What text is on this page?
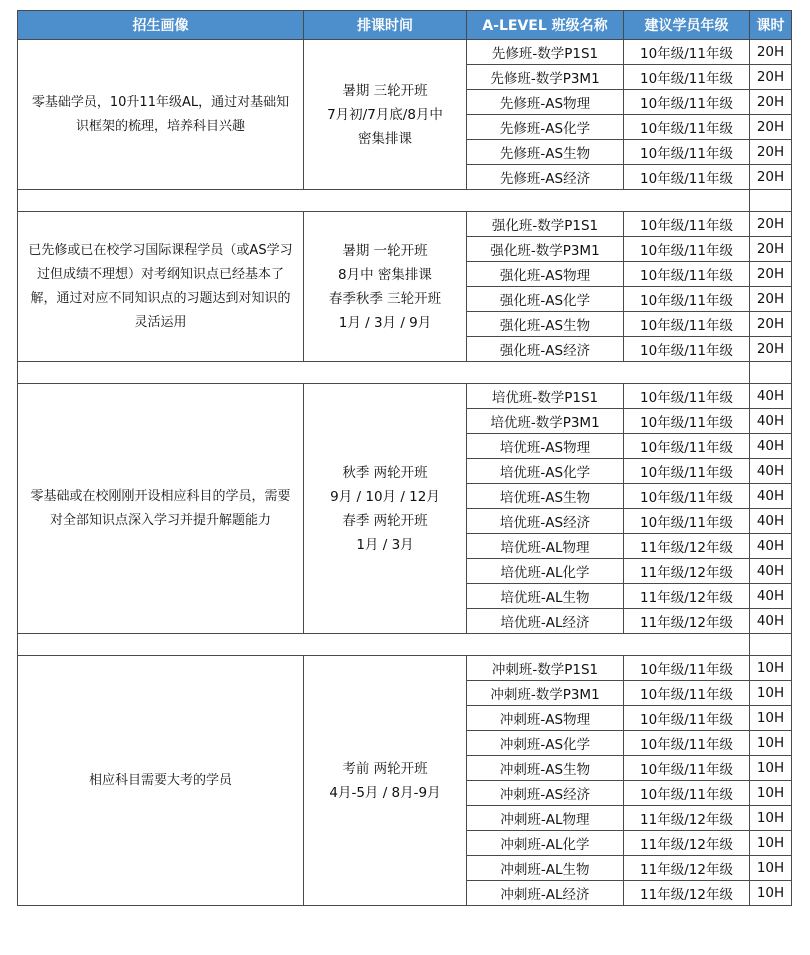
招生画像	排课时间	A-LEVEL 班级名称	建议学员年级	课时

零基础学员，10升11年级AL，通过对基础知识框架的梳理，培养科目兴趣	暑期 三轮开班
7月初/7月底/8月中
密集排课	先修班-数学P1S1	10年级/11年级	20H
		先修班-数学P3M1	10年级/11年级	20H
		先修班-AS物理	10年级/11年级	20H
		先修班-AS化学	10年级/11年级	20H
		先修班-AS生物	10年级/11年级	20H
		先修班-AS经济	10年级/11年级	20H

已先修或已在校学习国际课程学员（或AS学习过但成绩不理想）对考纲知识点已经基本了解，通过对应不同知识点的习题达到对知识的灵活运用	暑期 一轮开班
8月中 密集排课
春季秋季 三轮开班
1月 / 3月 / 9月	强化班-数学P1S1	10年级/11年级	20H
		强化班-数学P3M1	10年级/11年级	20H
		强化班-AS物理	10年级/11年级	20H
		强化班-AS化学	10年级/11年级	20H
		强化班-AS生物	10年级/11年级	20H
		强化班-AS经济	10年级/11年级	20H

零基础或在校刚刚开设相应科目的学员，需要对全部知识点深入学习并提升解题能力	秋季 两轮开班
9月 / 10月 / 12月
春季 两轮开班
1月 / 3月	培优班-数学P1S1	10年级/11年级	40H
		培优班-数学P3M1	10年级/11年级	40H
		培优班-AS物理	10年级/11年级	40H
		培优班-AS化学	10年级/11年级	40H
		培优班-AS生物	10年级/11年级	40H
		培优班-AS经济	10年级/11年级	40H
		培优班-AL物理	11年级/12年级	40H
		培优班-AL化学	11年级/12年级	40H
		培优班-AL生物	11年级/12年级	40H
		培优班-AL经济	11年级/12年级	40H

相应科目需要大考的学员	考前 两轮开班
4月-5月 / 8月-9月	冲刺班-数学P1S1	10年级/11年级	10H
		冲刺班-数学P3M1	10年级/11年级	10H
		冲刺班-AS物理	10年级/11年级	10H
		冲刺班-AS化学	10年级/11年级	10H
		冲刺班-AS生物	10年级/11年级	10H
		冲刺班-AS经济	10年级/11年级	10H
		冲刺班-AL物理	11年级/12年级	10H
		冲刺班-AL化学	11年级/12年级	10H
		冲刺班-AL生物	11年级/12年级	10H
		冲刺班-AL经济	11年级/12年级	10H
